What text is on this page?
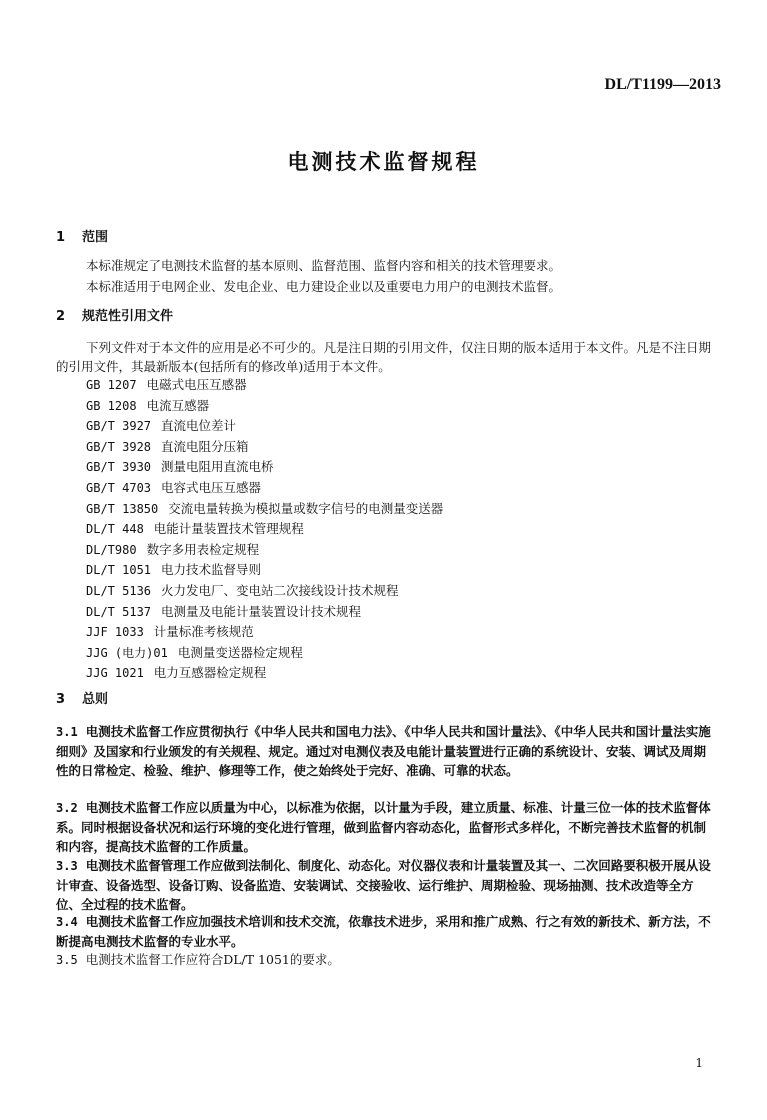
DL/T1199—2013
电测技术监督规程
1 范围
本标准规定了电测技术监督的基本原则、监督范围、监督内容和相关的技术管理要求。
本标准适用于电网企业、发电企业、电力建设企业以及重要电力用户的电测技术监督。
2 规范性引用文件
下列文件对于本文件的应用是必不可少的。凡是注日期的引用文件，仅注日期的版本适用于本文件。凡是不注日期的引用文件，其最新版本(包括所有的修改单)适用于本文件。
GB 1207 电磁式电压互感器
GB 1208 电流互感器
GB/T 3927 直流电位差计
GB/T 3928 直流电阻分压箱
GB/T 3930 测量电阻用直流电桥
GB/T 4703 电容式电压互感器
GB/T 13850 交流电量转换为模拟量或数字信号的电测量变送器
DL/T 448 电能计量装置技术管理规程
DL/T980 数字多用表检定规程
DL/T 1051 电力技术监督导则
DL/T 5136 火力发电厂、变电站二次接线设计技术规程
DL/T 5137 电测量及电能计量装置设计技术规程
JJF 1033 计量标准考核规范
JJG (电力)01 电测量变送器检定规程
JJG 1021 电力互感器检定规程
3 总则
3.1 电测技术监督工作应贯彻执行《中华人民共和国电力法》、《中华人民共和国计量法》、《中华人民共和国计量法实施细则》及国家和行业颁发的有关规程、规定。通过对电测仪表及电能计量装置进行正确的系统设计、安装、调试及周期性的日常检定、检验、维护、修理等工作，使之始终处于完好、准确、可靠的状态。
3.2 电测技术监督工作应以质量为中心，以标准为依据，以计量为手段，建立质量、标准、计量三位一体的技术监督体系。同时根据设备状况和运行环境的变化进行管理，做到监督内容动态化，监督形式多样化，不断完善技术监督的机制和内容，提高技术监督的工作质量。
3.3 电测技术监督管理工作应做到法制化、制度化、动态化。对仪器仪表和计量装置及其一、二次回路要积极开展从设计审查、设备选型、设备订购、设备监造、安装调试、交接验收、运行维护、周期检验、现场抽测、技术改造等全方位、全过程的技术监督。
3.4 电测技术监督工作应加强技术培训和技术交流，依靠技术进步，采用和推广成熟、行之有效的新技术、新方法，不断提高电测技术监督的专业水平。
3.5 电测技术监督工作应符合DL/T 1051的要求。
1
